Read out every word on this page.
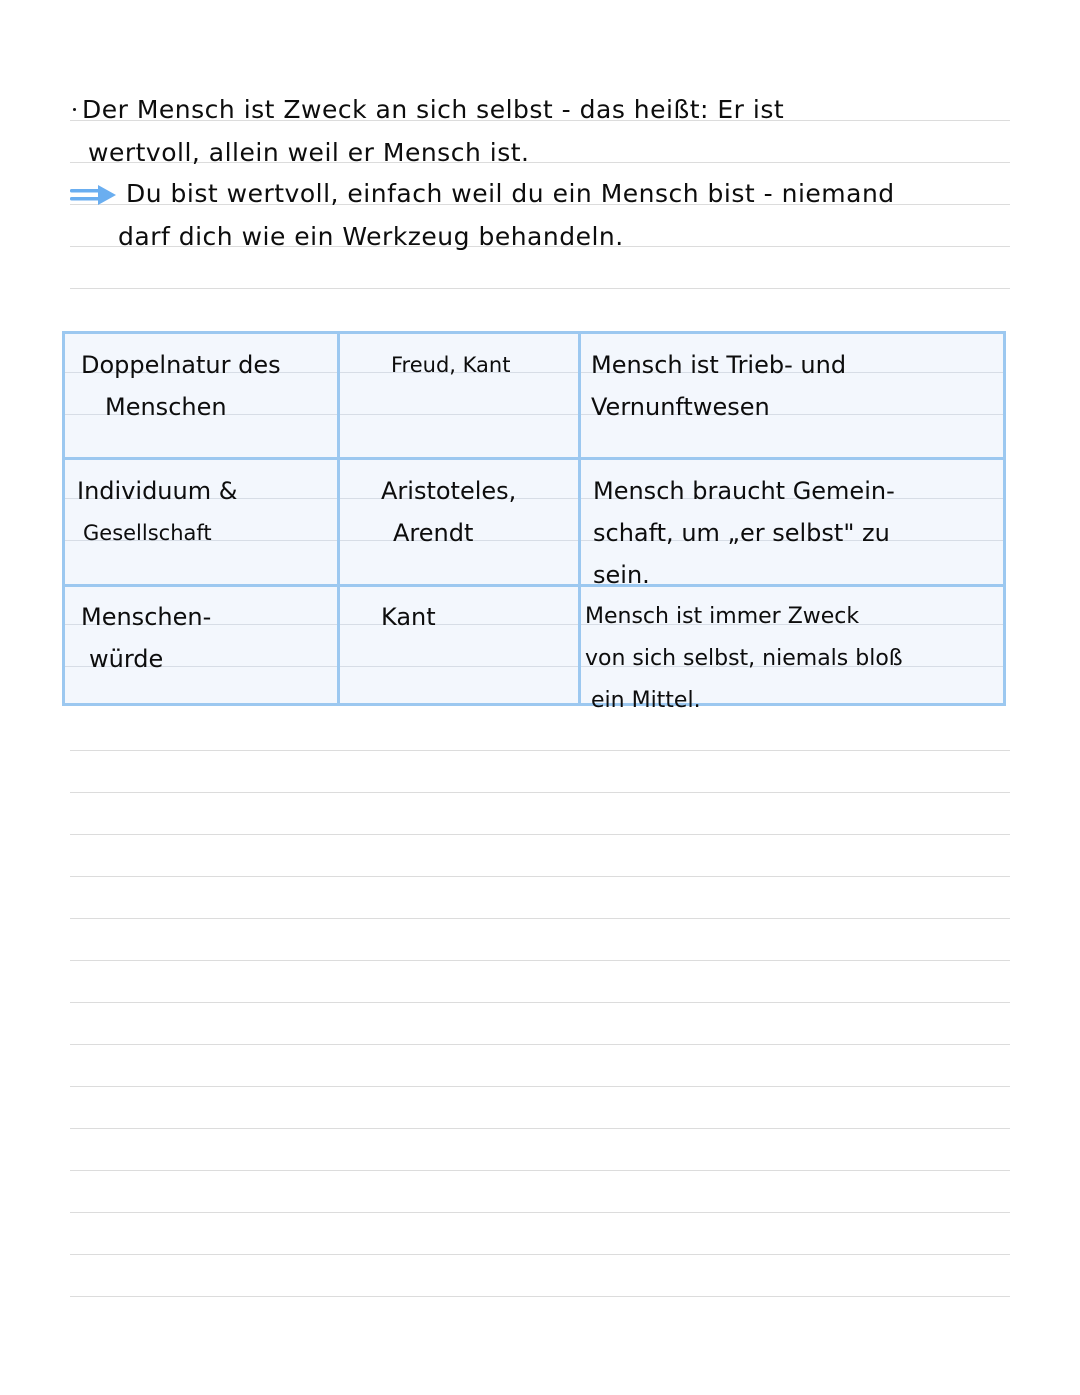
Der Mensch ist Zweck an sich selbst - das heißt: Er ist
wertvoll, allein weil er Mensch ist.
Du bist wertvoll, einfach weil du ein Mensch bist - niemand
darf dich wie ein Werkzeug behandeln.
Doppelnatur des
Menschen
Freud, Kant	Mensch ist Trieb- und
Vernunftwesen
Individuum &
Gesellschaft
Aristoteles,
Arendt
Mensch braucht Gemein-
schaft, um „er selbst" zu
sein.
Menschen-
würde
Kant	Mensch ist immer Zweck
von sich selbst, niemals bloß
ein Mittel.
